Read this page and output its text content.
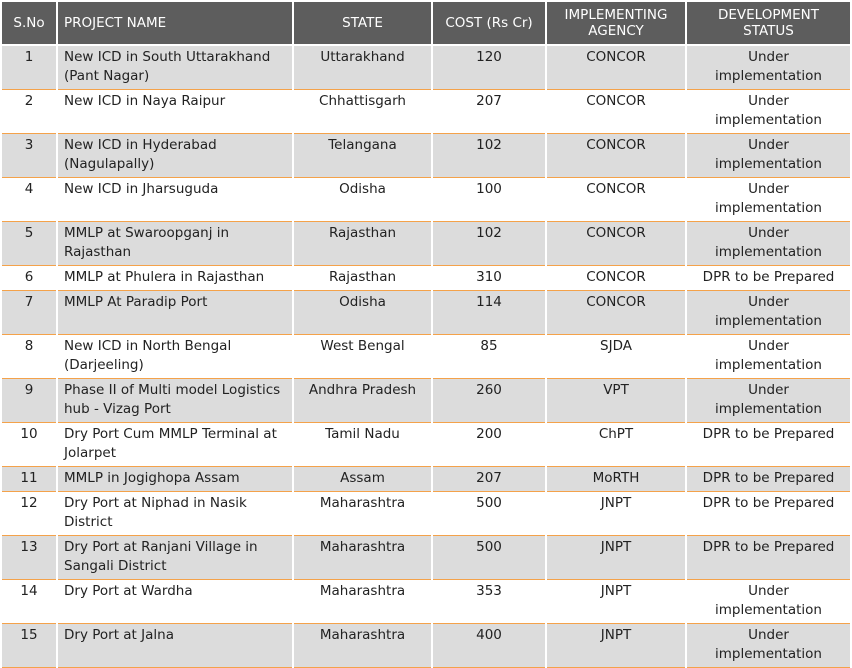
S.No	PROJECT NAME	STATE	COST (Rs Cr)	IMPLEMENTING AGENCY	DEVELOPMENT STATUS
1	New ICD in South Uttarakhand (Pant Nagar)	Uttarakhand	120	CONCOR	Under implementation
2	New ICD in Naya Raipur	Chhattisgarh	207	CONCOR	Under implementation
3	New ICD in Hyderabad (Nagulapally)	Telangana	102	CONCOR	Under implementation
4	New ICD in Jharsuguda	Odisha	100	CONCOR	Under implementation
5	MMLP at Swaroopganj in Rajasthan	Rajasthan	102	CONCOR	Under implementation
6	MMLP at Phulera in Rajasthan	Rajasthan	310	CONCOR	DPR to be Prepared
7	MMLP At Paradip Port	Odisha	114	CONCOR	Under implementation
8	New ICD in North Bengal (Darjeeling)	West Bengal	85	SJDA	Under implementation
9	Phase II of Multi model Logistics hub - Vizag Port	Andhra Pradesh	260	VPT	Under implementation
10	Dry Port Cum MMLP Terminal at Jolarpet	Tamil Nadu	200	ChPT	DPR to be Prepared
11	MMLP in Jogighopa Assam	Assam	207	MoRTH	DPR to be Prepared
12	Dry Port at Niphad in Nasik District	Maharashtra	500	JNPT	DPR to be Prepared
13	Dry Port at Ranjani Village in Sangali District	Maharashtra	500	JNPT	DPR to be Prepared
14	Dry Port at Wardha	Maharashtra	353	JNPT	Under implementation
15	Dry Port at Jalna	Maharashtra	400	JNPT	Under implementation
